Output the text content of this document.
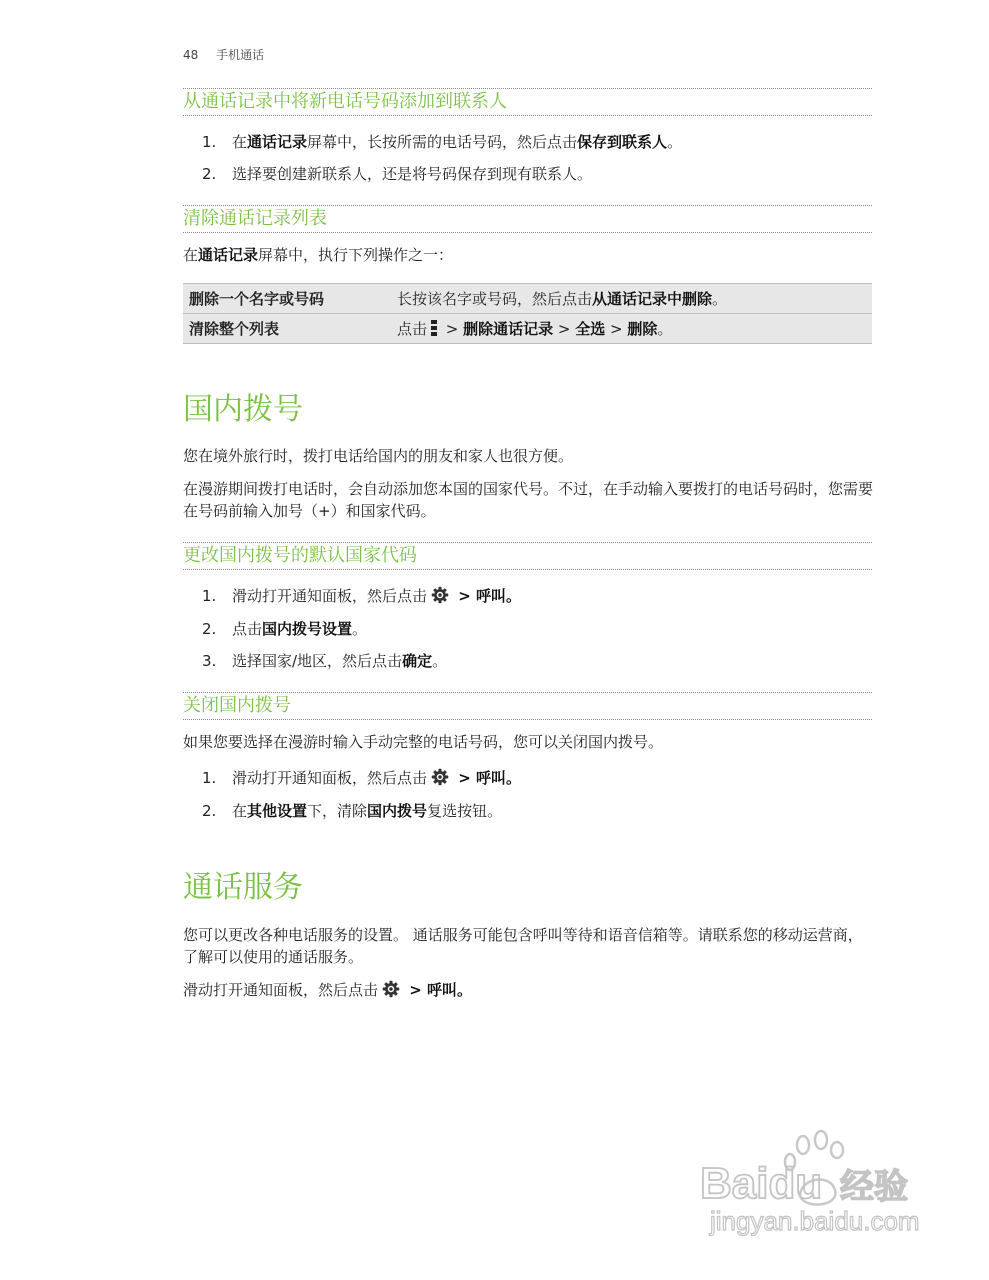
48 手机通话
从通话记录中将新电话号码添加到联系人
1. 在通话记录屏幕中，长按所需的电话号码，然后点击保存到联系人。
2. 选择要创建新联系人，还是将号码保存到现有联系人。
清除通话记录列表
在通话记录屏幕中，执行下列操作之一：
删除一个名字或号码	长按该名字或号码，然后点击从通话记录中删除。
清除整个列表	点击 > 删除通话记录 > 全选 > 删除。
国内拨号
您在境外旅行时，拨打电话给国内的朋友和家人也很方便。
在漫游期间拨打电话时，会自动添加您本国的国家代号。不过，在手动输入要拨打的电话号码时，您需要在号码前输入加号（+）和国家代码。
更改国内拨号的默认国家代码
1. 滑动打开通知面板，然后点击 > 呼叫。
2. 点击国内拨号设置。
3. 选择国家/地区，然后点击确定。
关闭国内拨号
如果您要选择在漫游时输入手动完整的电话号码，您可以关闭国内拨号。
1. 滑动打开通知面板，然后点击 > 呼叫。
2. 在其他设置下，清除国内拨号复选按钮。
通话服务
您可以更改各种电话服务的设置。 通话服务可能包含呼叫等待和语音信箱等。请联系您的移动运营商，了解可以使用的通话服务。
滑动打开通知面板，然后点击 > 呼叫。
Baidu 经验
jingyan.baidu.com
